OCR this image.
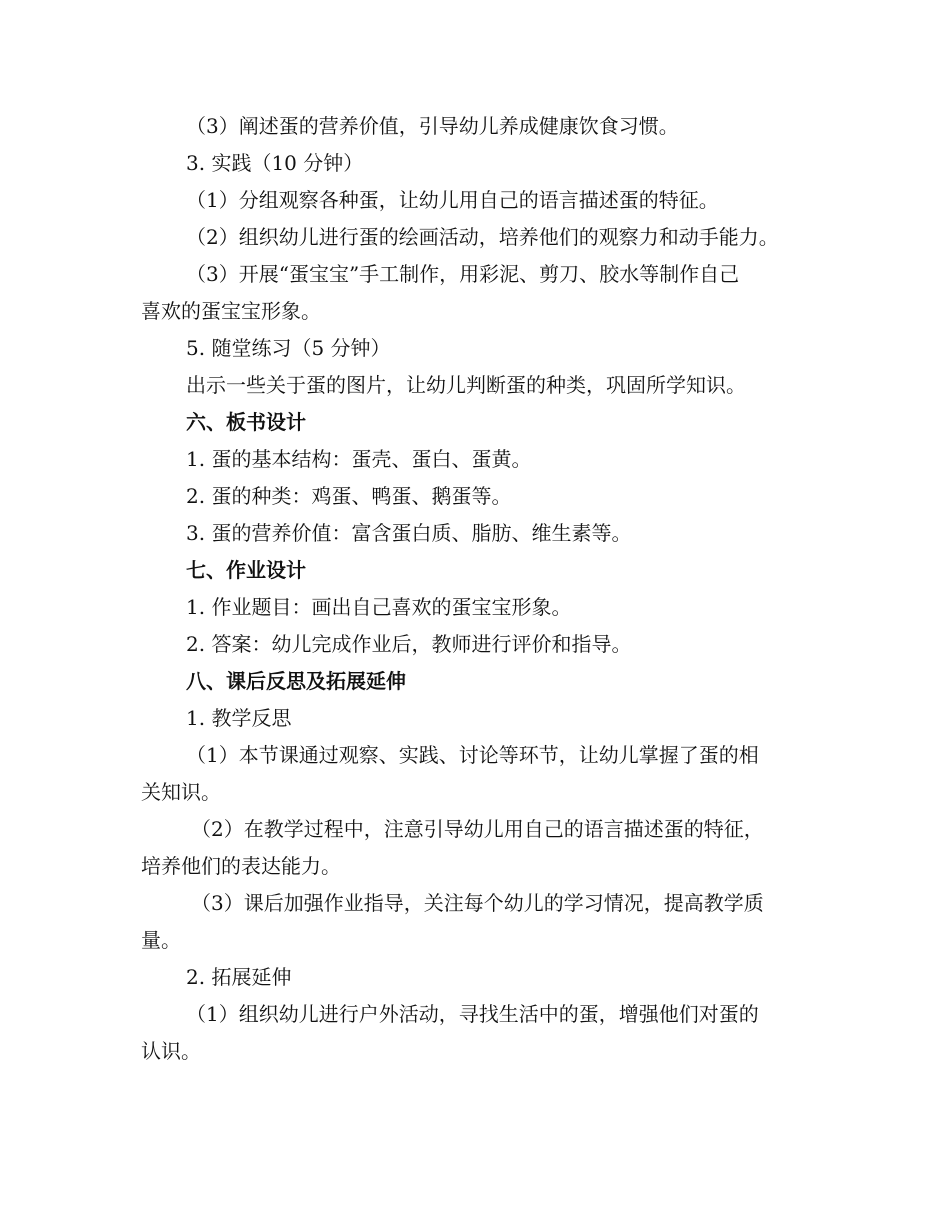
（3）阐述蛋的营养价值，引导幼儿养成健康饮食习惯。
3. 实践（10 分钟）
（1）分组观察各种蛋，让幼儿用自己的语言描述蛋的特征。
（2）组织幼儿进行蛋的绘画活动，培养他们的观察力和动手能力。
（3）开展“蛋宝宝”手工制作，用彩泥、剪刀、胶水等制作自己
喜欢的蛋宝宝形象。
5. 随堂练习（5 分钟）
出示一些关于蛋的图片，让幼儿判断蛋的种类，巩固所学知识。
六、板书设计
1. 蛋的基本结构：蛋壳、蛋白、蛋黄。
2. 蛋的种类：鸡蛋、鸭蛋、鹅蛋等。
3. 蛋的营养价值：富含蛋白质、脂肪、维生素等。
七、作业设计
1. 作业题目：画出自己喜欢的蛋宝宝形象。
2. 答案：幼儿完成作业后，教师进行评价和指导。
八、课后反思及拓展延伸
1. 教学反思
（1）本节课通过观察、实践、讨论等环节，让幼儿掌握了蛋的相
关知识。
（2）在教学过程中，注意引导幼儿用自己的语言描述蛋的特征，
培养他们的表达能力。
（3）课后加强作业指导，关注每个幼儿的学习情况，提高教学质
量。
2. 拓展延伸
（1）组织幼儿进行户外活动，寻找生活中的蛋，增强他们对蛋的
认识。
